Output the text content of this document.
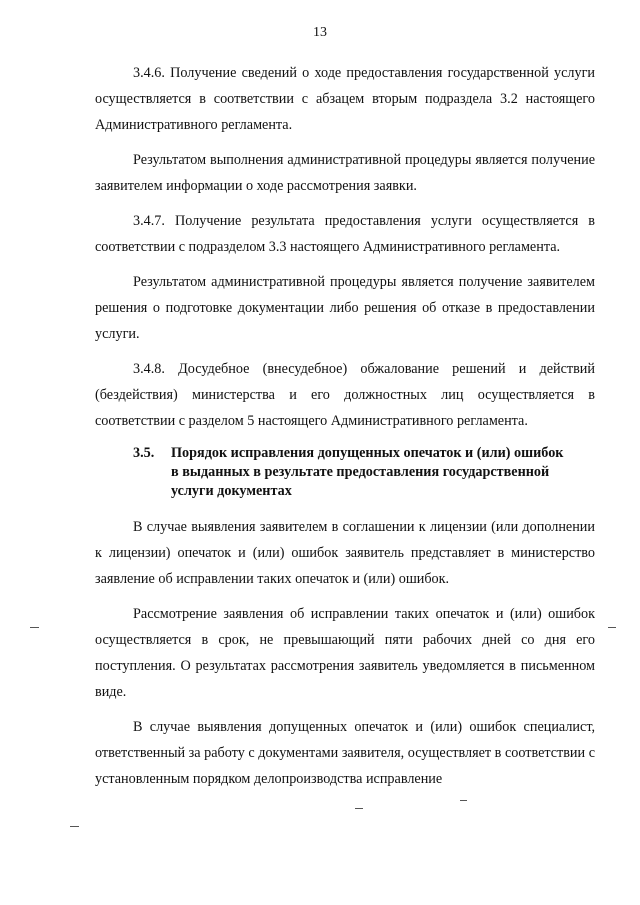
13

3.4.6. Получение сведений о ходе предоставления государственной услуги осуществляется в соответствии с абзацем вторым подраздела 3.2 настоящего Административного регламента.

Результатом выполнения административной процедуры является получение заявителем информации о ходе рассмотрения заявки.

3.4.7. Получение результата предоставления услуги осуществляется в соответствии с подразделом 3.3 настоящего Административного регламента.

Результатом административной процедуры является получение заявителем решения о подготовке документации либо решения об отказе в предоставлении услуги.

3.4.8. Досудебное (внесудебное) обжалование решений и действий (бездействия) министерства и его должностных лиц осуществляется в соответствии с разделом 5 настоящего Административного регламента.

3.5.	Порядок исправления допущенных опечаток и (или) ошибок
в выданных в результате предоставления государственной
услуги документах

В случае выявления заявителем в соглашении к лицензии (или дополнении к лицензии) опечаток и (или) ошибок заявитель представляет в министерство заявление об исправлении таких опечаток и (или) ошибок.

Рассмотрение заявления об исправлении таких опечаток и (или) ошибок осуществляется в срок, не превышающий пяти рабочих дней со дня его поступления. О результатах рассмотрения заявитель уведомляется в письменном виде.

В случае выявления допущенных опечаток и (или) ошибок специалист, ответственный за работу с документами заявителя, осуществляет в соответствии с установленным порядком делопроизводства исправление
